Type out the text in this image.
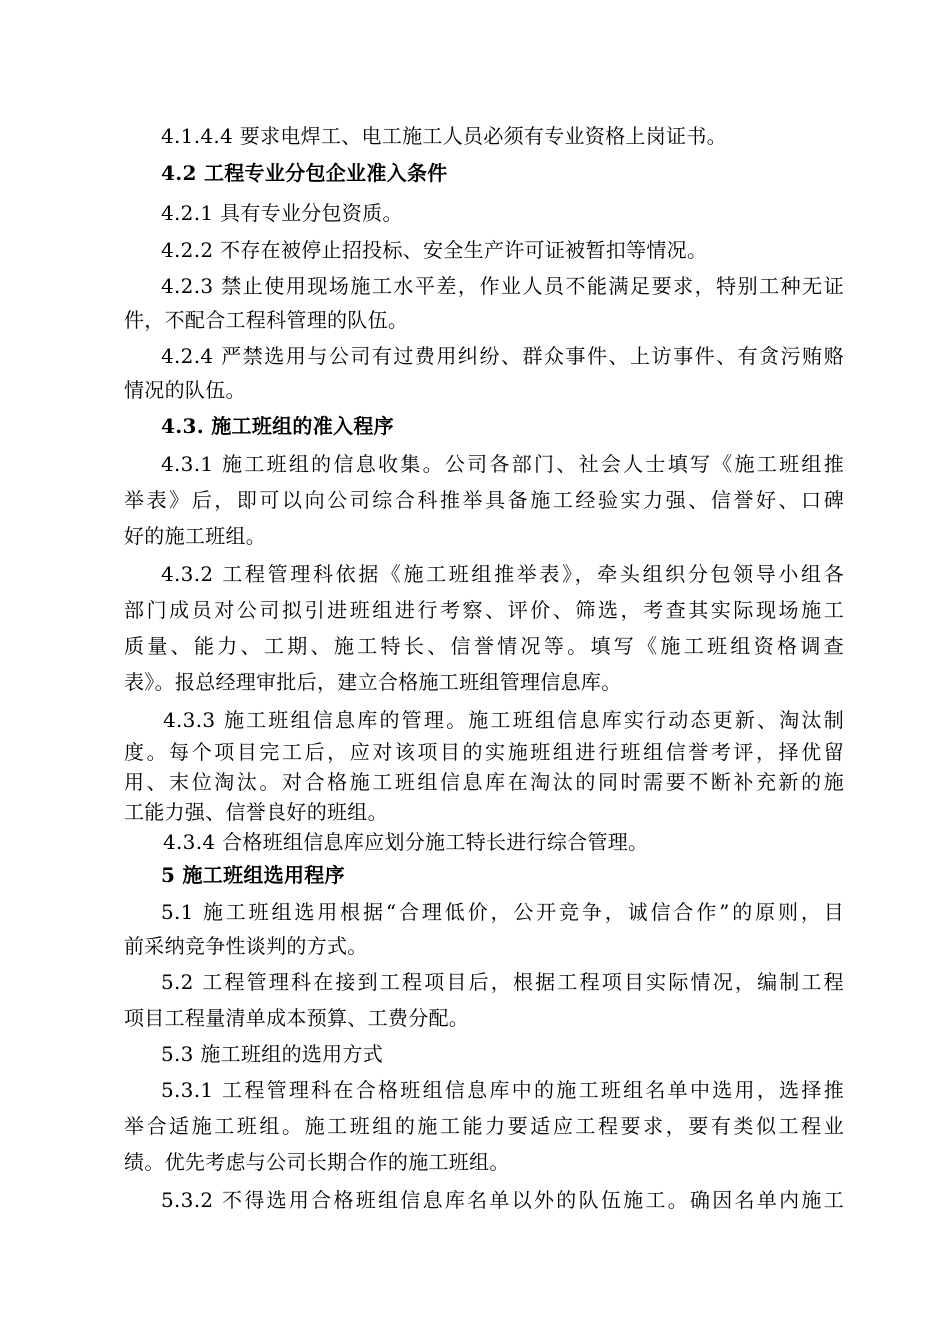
4.1.4.4 要求电焊工、电工施工人员必须有专业资格上岗证书。
4.2 工程专业分包企业准入条件
4.2.1 具有专业分包资质。
4.2.2 不存在被停止招投标、安全生产许可证被暂扣等情况。
4.2.3 禁止使用现场施工水平差，作业人员不能满足要求，特别工种无证
件，不配合工程科管理的队伍。
4.2.4 严禁选用与公司有过费用纠纷、群众事件、上访事件、有贪污贿赂
情况的队伍。
4.3. 施工班组的准入程序
4.3.1 施工班组的信息收集。公司各部门、社会人士填写《施工班组推
举表》后，即可以向公司综合科推举具备施工经验实力强、信誉好、口碑
好的施工班组。
4.3.2 工程管理科依据《施工班组推举表》，牵头组织分包领导小组各
部门成员对公司拟引进班组进行考察、评价、筛选，考查其实际现场施工
质量、能力、工期、施工特长、信誉情况等。填写《施工班组资格调查
表》。报总经理审批后，建立合格施工班组管理信息库。
4.3.3 施工班组信息库的管理。施工班组信息库实行动态更新、淘汰制
度。每个项目完工后，应对该项目的实施班组进行班组信誉考评，择优留
用、末位淘汰。对合格施工班组信息库在淘汰的同时需要不断补充新的施
工能力强、信誉良好的班组。
4.3.4 合格班组信息库应划分施工特长进行综合管理。
5 施工班组选用程序
5.1 施工班组选用根据“合理低价，公开竞争，诚信合作”的原则，目
前采纳竞争性谈判的方式。
5.2 工程管理科在接到工程项目后，根据工程项目实际情况，编制工程
项目工程量清单成本预算、工费分配。
5.3 施工班组的选用方式
5.3.1 工程管理科在合格班组信息库中的施工班组名单中选用，选择推
举合适施工班组。施工班组的施工能力要适应工程要求，要有类似工程业
绩。优先考虑与公司长期合作的施工班组。
5.3.2 不得选用合格班组信息库名单以外的队伍施工。确因名单内施工
